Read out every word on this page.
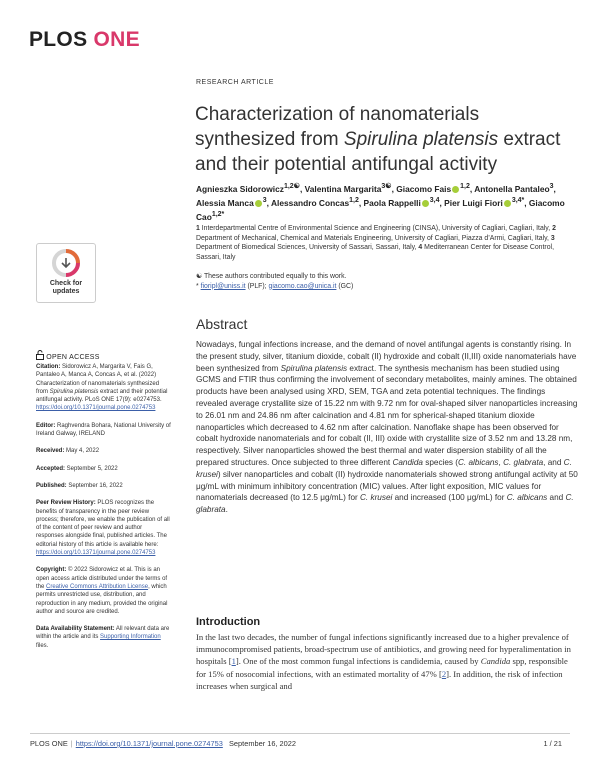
PLOS ONE
RESEARCH ARTICLE
Characterization of nanomaterials
synthesized from Spirulina platensis extract
and their potential antifungal activity
Agnieszka Sidorowicz$^{1,2☯}$, Valentina Margarita$^{3☯}$, Giacomo Fais $^{1,2}$, Antonella Pantaleo$^3$, Alessia Manca $^3$, Alessandro Concas$^{1,2}$, Paola Rappelli $^{3,4}$, Pier Luigi Fiori $^{3,4*}$, Giacomo Cao$^{1,2*}$
1 Interdepartmental Centre of Environmental Science and Engineering (CINSA), University of Cagliari, Cagliari, Italy, 2 Department of Mechanical, Chemical and Materials Engineering, University of Cagliari, Piazza d’Armi, Cagliari, Italy, 3 Department of Biomedical Sciences, University of Sassari, Sassari, Italy, 4 Mediterranean Center for Disease Control, Sassari, Italy
☯ These authors contributed equally to this work.
* fioripl@uniss.it (PLF); giacomo.cao@unica.it (GC)
Check for
updates
OPEN ACCESS

Citation: Sidorowicz A, Margarita V, Fais G, Pantaleo A, Manca A, Concas A, et al. (2022) Characterization of nanomaterials synthesized from Spirulina platensis extract and their potential antifungal activity. PLoS ONE 17(9): e0274753. https://doi.org/10.1371/journal.pone.0274753

Editor: Raghvendra Bohara, National University of Ireland Galway, IRELAND

Received: May 4, 2022

Accepted: September 5, 2022

Published: September 16, 2022

Peer Review History: PLOS recognizes the benefits of transparency in the peer review process; therefore, we enable the publication of all of the content of peer review and author responses alongside final, published articles. The editorial history of this article is available here: https://doi.org/10.1371/journal.pone.0274753

Copyright: © 2022 Sidorowicz et al. This is an open access article distributed under the terms of the Creative Commons Attribution License, which permits unrestricted use, distribution, and reproduction in any medium, provided the original author and source are credited.

Data Availability Statement: All relevant data are within the article and its Supporting Information files.

Abstract
Nowadays, fungal infections increase, and the demand of novel antifungal agents is constantly rising. In the present study, silver, titanium dioxide, cobalt (II) hydroxide and cobalt (II,III) oxide nanomaterials have been synthesized from Spirulina platensis extract. The synthesis mechanism has been studied using GCMS and FTIR thus confirming the involvement of secondary metabolites, mainly amines. The obtained products have been analysed using XRD, SEM, TGA and zeta potential techniques. The findings revealed average crystallite size of 15.22 nm with 9.72 nm for oval-shaped silver nanoparticles increasing to 26.01 nm and 24.86 nm after calcination and 4.81 nm for spherical-shaped titanium dioxide nanoparticles which decreased to 4.62 nm after calcination. Nanoflake shape has been observed for cobalt hydroxide nanomaterials and for cobalt (II, III) oxide with crystallite size of 3.52 nm and 13.28 nm, respectively. Silver nanoparticles showed the best thermal and water dispersion stability of all the prepared structures. Once subjected to three different Candida species (C. albicans, C. glabrata, and C. krusei) silver nanoparticles and cobalt (II) hydroxide nanomaterials showed strong antifungal activity at 50 μg/mL with minimum inhibitory concentration (MIC) values. After light exposition, MIC values for nanomaterials decreased (to 12.5 μg/mL) for C. krusei and increased (100 μg/mL) for C. albicans and C. glabrata.
Introduction
In the last two decades, the number of fungal infections significantly increased due to a higher prevalence of immunocompromised patients, broad-spectrum use of antibiotics, and growing need for hyperalimentation in hospitals [1]. One of the most common fungal infections is candidemia, caused by Candida spp, responsible for 15% of nosocomial infections, with an estimated mortality of 47% [2]. In addition, the risk of infection increases when surgical and
PLOS ONE | https://doi.org/10.1371/journal.pone.0274753 September 16, 2022	1 / 21
